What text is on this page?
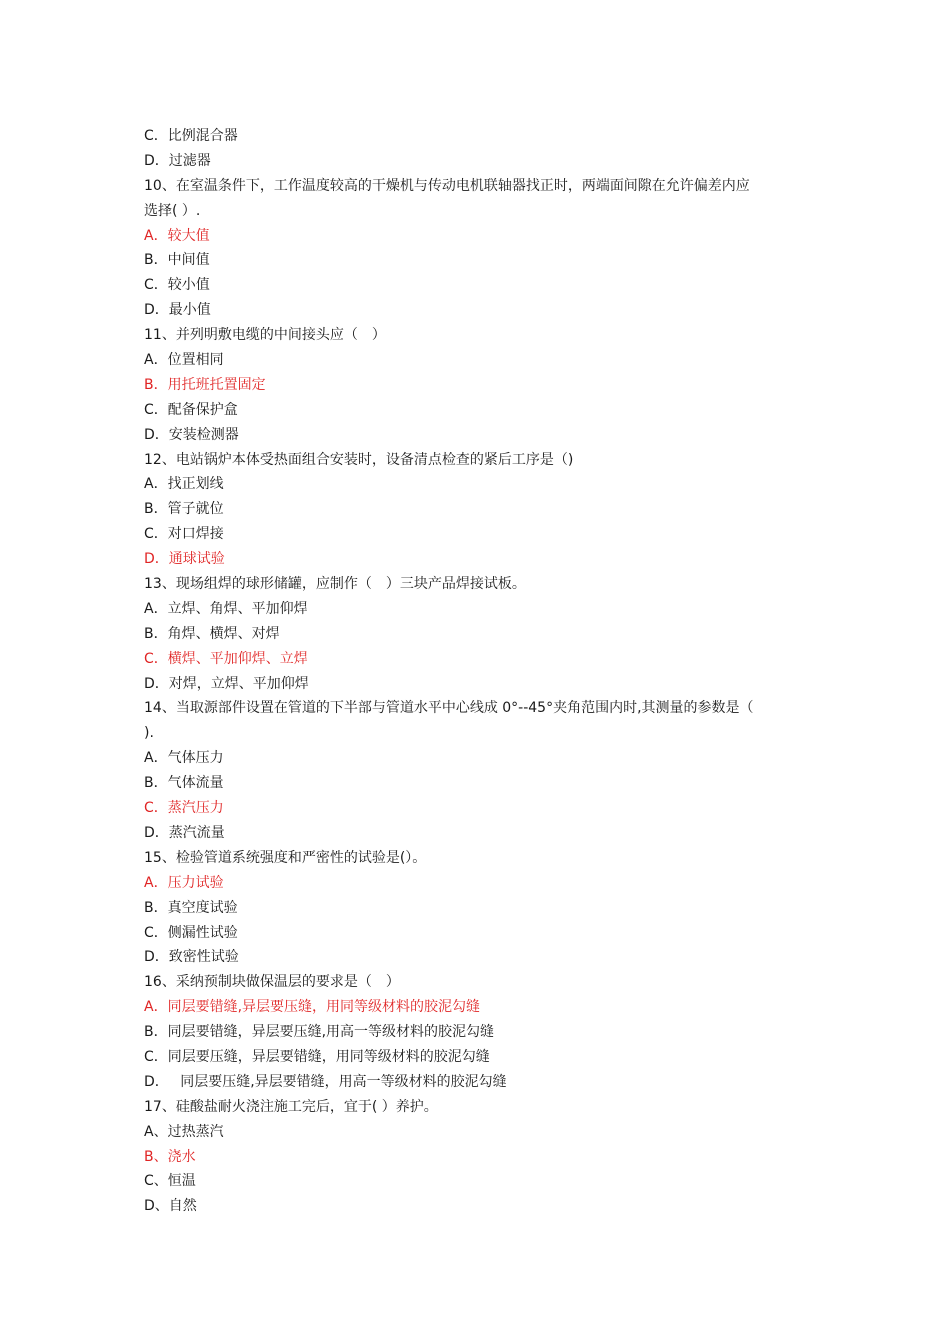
C．比例混合器
D．过滤器
10、在室温条件下，工作温度较高的干燥机与传动电机联轴器找正时，两端面间隙在允许偏差内应
选择( ）.
A．较大值
B．中间值
C．较小值
D．最小值
11、并列明敷电缆的中间接头应（　）
A．位置相同
B．用托班托置固定
C．配备保护盒
D．安装检测器
12、电站锅炉本体受热面组合安装时，设备清点检查的紧后工序是（)
A．找正划线
B．管子就位
C．对口焊接
D．通球试验
13、现场组焊的球形储罐，应制作（　）三块产品焊接试板。
A．立焊、角焊、平加仰焊
B．角焊、横焊、对焊
C．横焊、平加仰焊、立焊
D．对焊，立焊、平加仰焊
14、当取源部件设置在管道的下半部与管道水平中心线成 0°--45°夹角范围内时,其测量的参数是（
).
A．气体压力
B．气体流量
C．蒸汽压力
D．蒸汽流量
15、检验管道系统强度和严密性的试验是(）。
A．压力试验
B．真空度试验
C．侧漏性试验
D．致密性试验
16、采纳预制块做保温层的要求是（　）
A．同层要错缝,异层要压缝，用同等级材料的胶泥勾缝
B．同层要错缝，异层要压缝,用高一等级材料的胶泥勾缝
C．同层要压缝，异层要错缝，用同等级材料的胶泥勾缝
D．　 同层要压缝,异层要错缝，用高一等级材料的胶泥勾缝
17、硅酸盐耐火浇注施工完后，宜于( ）养护。
A、过热蒸汽
B、浇水
C、恒温
D、自然
